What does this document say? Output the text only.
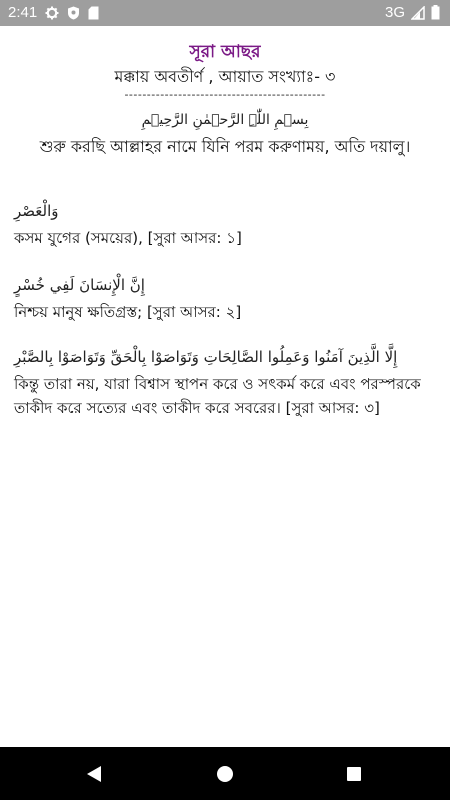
2:41	3G
সূরা আছর
মক্কায় অবতীর্ণ , আয়াত সংখ্যাঃ- ৩
---------------------------------------------
بِسۡمِ اللّٰہِ الرَّحۡمٰنِ الرَّحِیۡمِ
শুরু করছি আল্লাহর নামে যিনি পরম করুণাময়, অতি দয়ালু।
وَالْعَصْرِ
কসম যুগের (সময়ের), [সুরা আসর: ১]
إِنَّ الْإِنسَانَ لَفِي خُسْرٍ
নিশ্চয় মানুষ ক্ষতিগ্রস্ত; [সুরা আসর: ২]
إِلَّا الَّذِينَ آمَنُوا وَعَمِلُوا الصَّالِحَاتِ وَتَوَاصَوْا بِالْحَقِّ وَتَوَاصَوْا بِالصَّبْرِ
কিন্তু তারা নয়, যারা বিশ্বাস স্থাপন করে ও সৎকর্ম করে এবং পরস্পরকে তাকীদ করে সত্যের এবং তাকীদ করে সবরের। [সুরা আসর: ৩]
